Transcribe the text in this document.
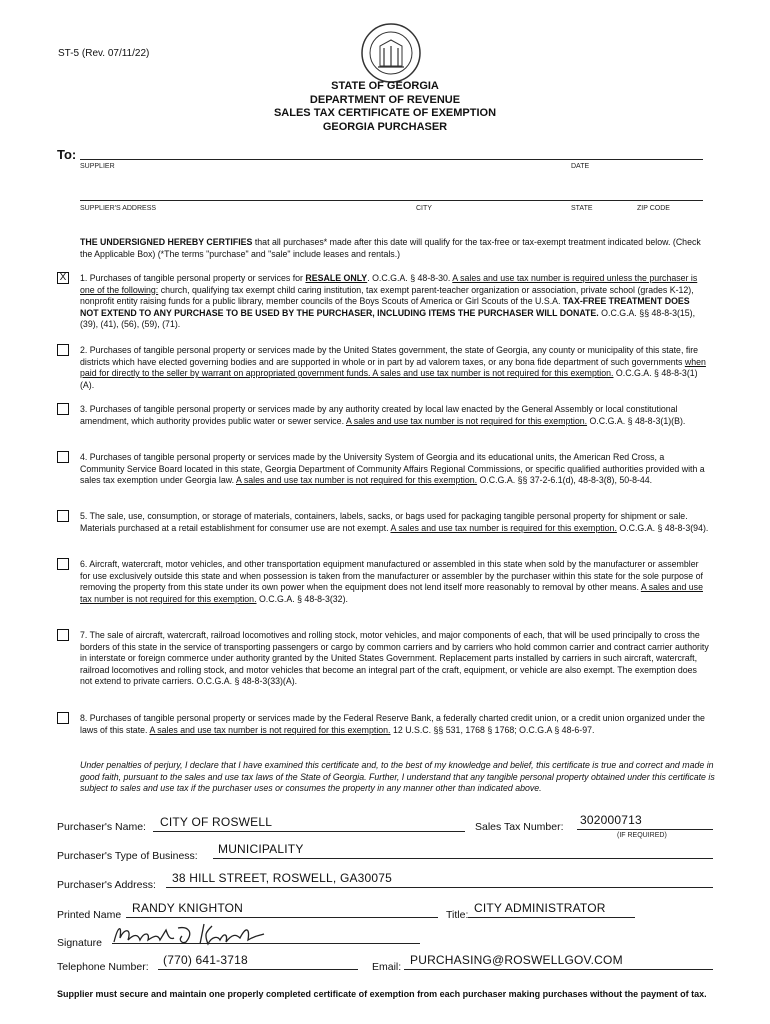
ST-5 (Rev. 07/11/22)
STATE OF GEORGIA
DEPARTMENT OF REVENUE
SALES TAX CERTIFICATE OF EXEMPTION
GEORGIA PURCHASER
To:
SUPPLIER	DATE
SUPPLIER'S ADDRESS	CITY	STATE	ZIP CODE
THE UNDERSIGNED HEREBY CERTIFIES that all purchases* made after this date will qualify for the tax-free or tax-exempt treatment indicated below. (Check the Applicable Box) (*The terms "purchase" and "sale" include leases and rentals.)
X	1. Purchases of tangible personal property or services for RESALE ONLY. O.C.G.A. § 48-8-30. A sales and use tax number is required unless the purchaser is one of the following: church, qualifying tax exempt child caring institution, tax exempt parent-teacher organization or association, private school (grades K-12), nonprofit entity raising funds for a public library, member councils of the Boys Scouts of America or Girl Scouts of the U.S.A. TAX-FREE TREATMENT DOES NOT EXTEND TO ANY PURCHASE TO BE USED BY THE PURCHASER, INCLUDING ITEMS THE PURCHASER WILL DONATE. O.C.G.A. §§ 48-8-3(15), (39), (41), (56), (59), (71).
2. Purchases of tangible personal property or services made by the United States government, the state of Georgia, any county or municipality of this state, fire districts which have elected governing bodies and are supported in whole or in part by ad valorem taxes, or any bona fide department of such governments when paid for directly to the seller by warrant on appropriated government funds. A sales and use tax number is not required for this exemption. O.C.G.A. § 48-8-3(1)(A).
3. Purchases of tangible personal property or services made by any authority created by local law enacted by the General Assembly or local constitutional amendment, which authority provides public water or sewer service. A sales and use tax number is not required for this exemption. O.C.G.A. § 48-8-3(1)(B).
4. Purchases of tangible personal property or services made by the University System of Georgia and its educational units, the American Red Cross, a Community Service Board located in this state, Georgia Department of Community Affairs Regional Commissions, or specific qualified authorities provided with a sales tax exemption under Georgia law. A sales and use tax number is not required for this exemption. O.C.G.A. §§ 37-2-6.1(d), 48-8-3(8), 50-8-44.
5. The sale, use, consumption, or storage of materials, containers, labels, sacks, or bags used for packaging tangible personal property for shipment or sale. Materials purchased at a retail establishment for consumer use are not exempt. A sales and use tax number is required for this exemption. O.C.G.A. § 48-8-3(94).
6. Aircraft, watercraft, motor vehicles, and other transportation equipment manufactured or assembled in this state when sold by the manufacturer or assembler for use exclusively outside this state and when possession is taken from the manufacturer or assembler by the purchaser within this state for the sole purpose of removing the property from this state under its own power when the equipment does not lend itself more reasonably to removal by other means. A sales and use tax number is not required for this exemption. O.C.G.A. § 48-8-3(32).
7. The sale of aircraft, watercraft, railroad locomotives and rolling stock, motor vehicles, and major components of each, that will be used principally to cross the borders of this state in the service of transporting passengers or cargo by common carriers and by carriers who hold common carrier and contract carrier authority in interstate or foreign commerce under authority granted by the United States Government. Replacement parts installed by carriers in such aircraft, watercraft, railroad locomotives and rolling stock, and motor vehicles that become an integral part of the craft, equipment, or vehicle are also exempt. The exemption does not extend to private carriers. O.C.G.A. § 48-8-3(33)(A).
8. Purchases of tangible personal property or services made by the Federal Reserve Bank, a federally charted credit union, or a credit union organized under the laws of this state. A sales and use tax number is not required for this exemption. 12 U.S.C. §§ 531, 1768 § 1768; O.C.G.A § 48-6-97.
Under penalties of perjury, I declare that I have examined this certificate and, to the best of my knowledge and belief, this certificate is true and correct and made in good faith, pursuant to the sales and use tax laws of the State of Georgia. Further, I understand that any tangible personal property obtained under this certificate is subject to sales and use tax if the purchaser uses or consumes the property in any manner other than indicated above.
Purchaser's Name: CITY OF ROSWELL	Sales Tax Number: 302000713
(IF REQUIRED)
Purchaser's Type of Business: MUNICIPALITY
Purchaser's Address: 38 HILL STREET, ROSWELL, GA30075
Printed Name RANDY KNIGHTON	Title: CITY ADMINISTRATOR
Signature
Telephone Number: (770) 641-3718	Email: PURCHASING@ROSWELLGOV.COM
Supplier must secure and maintain one properly completed certificate of exemption from each purchaser making purchases without the payment of tax.
